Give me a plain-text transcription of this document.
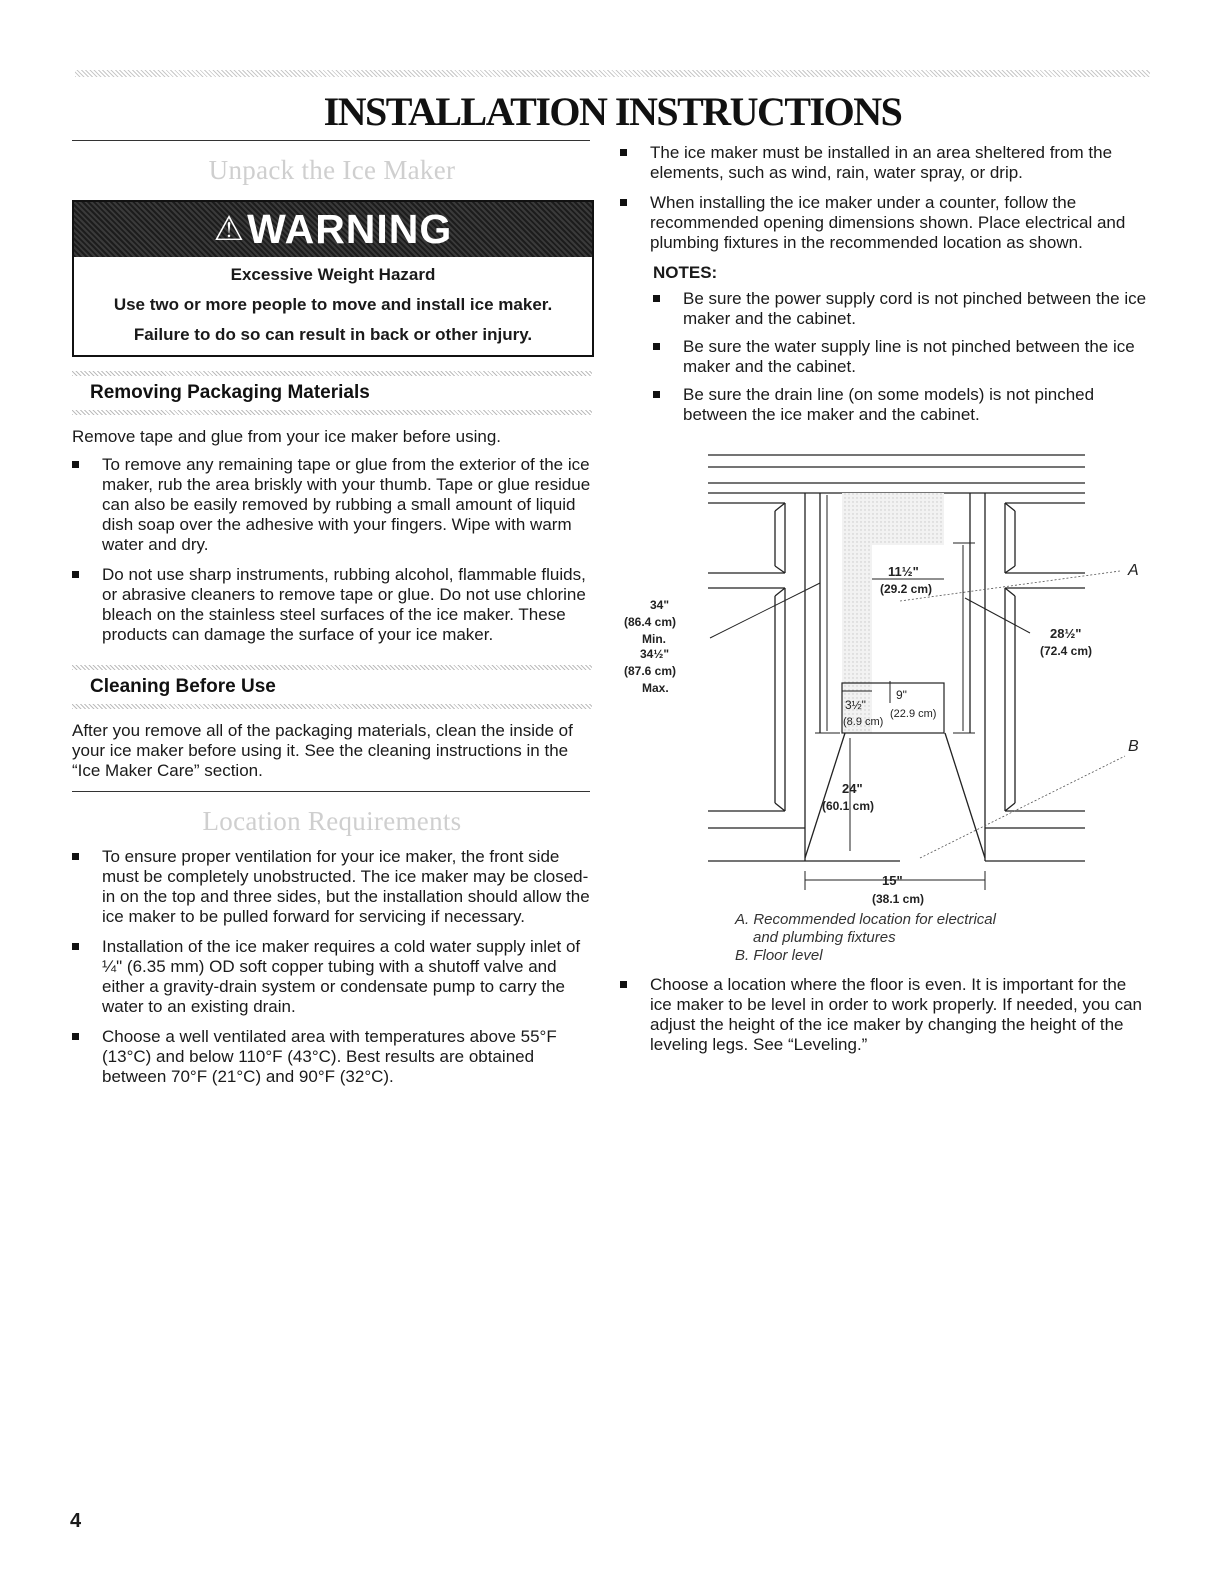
INSTALLATION INSTRUCTIONS
Unpack the Ice Maker
⚠WARNING

Excessive Weight Hazard

Use two or more people to move and install ice maker.

Failure to do so can result in back or other injury.

Removing Packaging Materials

Remove tape and glue from your ice maker before using.

To remove any remaining tape or glue from the exterior of the ice maker, rub the area briskly with your thumb. Tape or glue residue can also be easily removed by rubbing a small amount of liquid dish soap over the adhesive with your fingers. Wipe with warm water and dry.
Do not use sharp instruments, rubbing alcohol, flammable fluids, or abrasive cleaners to remove tape or glue. Do not use chlorine bleach on the stainless steel surfaces of the ice maker. These products can damage the surface of your ice maker.
Cleaning Before Use

After you remove all of the packaging materials, clean the inside of your ice maker before using it. See the cleaning instructions in the “Ice Maker Care” section.

Location Requirements
To ensure proper ventilation for your ice maker, the front side must be completely unobstructed. The ice maker may be closed-in on the top and three sides, but the installation should allow the ice maker to be pulled forward for servicing if necessary.
Installation of the ice maker requires a cold water supply inlet of ¼" (6.35 mm) OD soft copper tubing with a shutoff valve and either a gravity-drain system or condensate pump to carry the water to an existing drain.
Choose a well ventilated area with temperatures above 55°F (13°C) and below 110°F (43°C). Best results are obtained between 70°F (21°C) and 90°F (32°C).
The ice maker must be installed in an area sheltered from the elements, such as wind, rain, water spray, or drip.
When installing the ice maker under a counter, follow the recommended opening dimensions shown. Place electrical and plumbing fixtures in the recommended location as shown.
NOTES:
Be sure the power supply cord is not pinched between the ice maker and the cabinet.
Be sure the water supply line is not pinched between the ice maker and the cabinet.
Be sure the drain line (on some models) is not pinched between the ice maker and the cabinet.
34"
(86.4 cm)
Min.
34½"
(87.6 cm)
Max.
11½"
(29.2 cm)
28½"
(72.4 cm)
3½"
(8.9 cm)
9"
(22.9 cm)
24"
(60.1 cm)
15"
(38.1 cm)
A
B
A. Recommended location for electrical
and plumbing fixtures
B. Floor level
Choose a location where the floor is even. It is important for the ice maker to be level in order to work properly. If needed, you can adjust the height of the ice maker by changing the height of the leveling legs. See “Leveling.”
4
